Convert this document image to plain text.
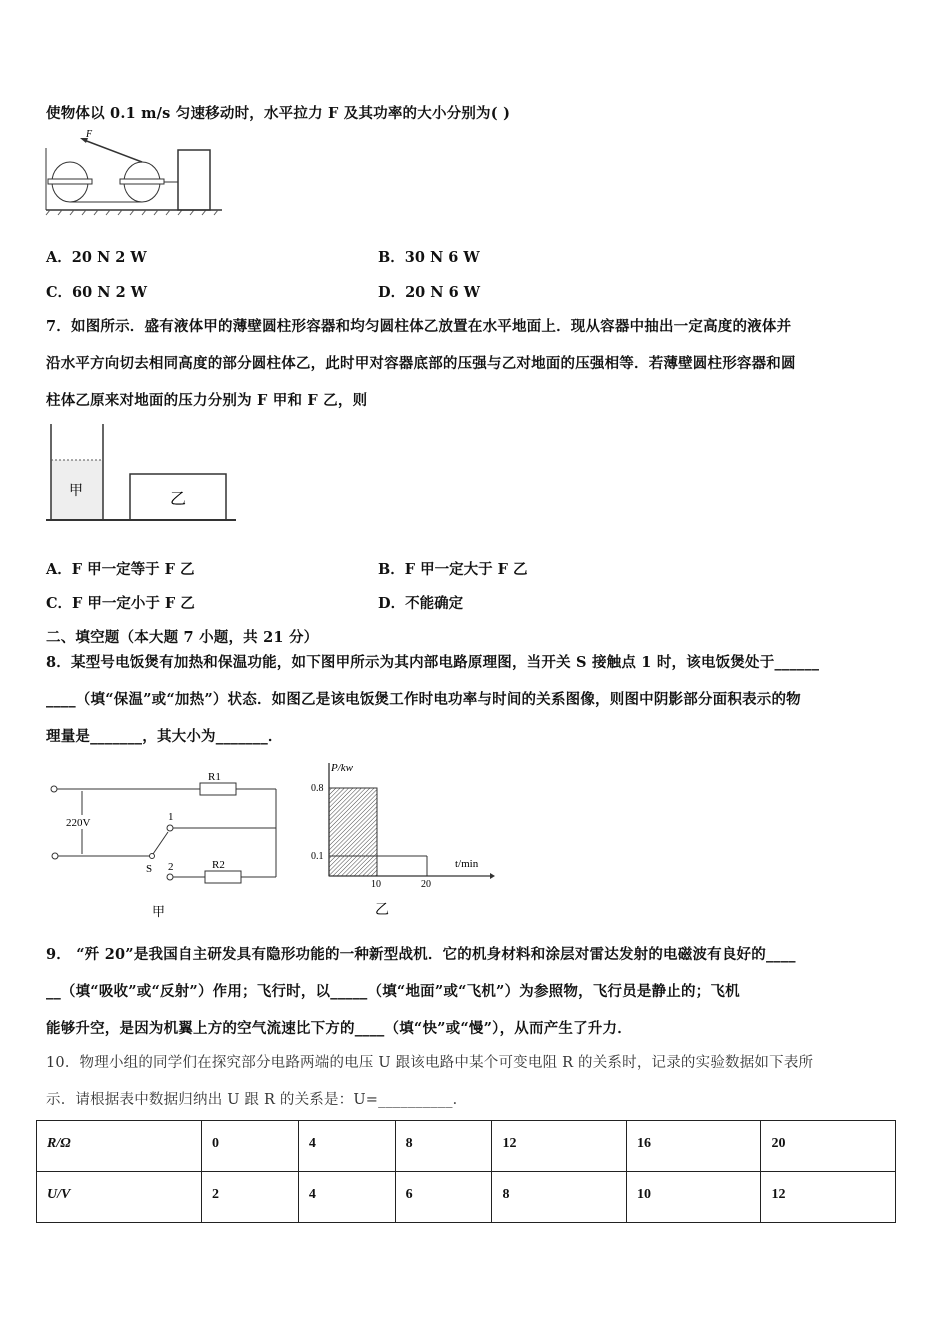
使物体以 0.1 m/s 匀速移动时，水平拉力 F 及其功率的大小分别为( )
F
A．20 N 2 W	B．30 N 6 W
C．60 N 2 W	D．20 N 6 W
7．如图所示．盛有液体甲的薄壁圆柱形容器和均匀圆柱体乙放置在水平地面上．现从容器中抽出一定高度的液体并
沿水平方向切去相同高度的部分圆柱体乙，此时甲对容器底部的压强与乙对地面的压强相等．若薄壁圆柱形容器和圆
柱体乙原来对地面的压力分别为 F 甲和 F 乙，则
甲	乙
A．F 甲一定等于 F 乙	B．F 甲一定大于 F 乙
C．F 甲一定小于 F 乙	D．不能确定
二、填空题（本大题 7 小题，共 21 分）
8．某型号电饭煲有加热和保温功能，如下图甲所示为其内部电路原理图，当开关 S 接触点 1 时，该电饭煲处于______
____（填“保温”或“加热”）状态．如图乙是该电饭煲工作时电功率与时间的关系图像，则图中阴影部分面积表示的物
理量是_______，其大小为_______．
220V
R1
R2
1
2
S
甲
P/kw
t/min
0.8
0.1
10	20
乙
9． “歼 20”是我国自主研发具有隐形功能的一种新型战机．它的机身材料和涂层对雷达发射的电磁波有良好的____
__（填“吸收”或“反射”）作用；飞行时，以_____（填“地面”或“飞机”）为参照物，飞行员是静止的；飞机
能够升空，是因为机翼上方的空气流速比下方的____（填“快”或“慢”），从而产生了升力．
10．物理小组的同学们在探究部分电路两端的电压 U 跟该电路中某个可变电阻 R 的关系时，记录的实验数据如下表所
示．请根据表中数据归纳出 U 跟 R 的关系是：U=__________．
R/Ω	0	4	8	12	16	20
U/V	2	4	6	8	10	12
